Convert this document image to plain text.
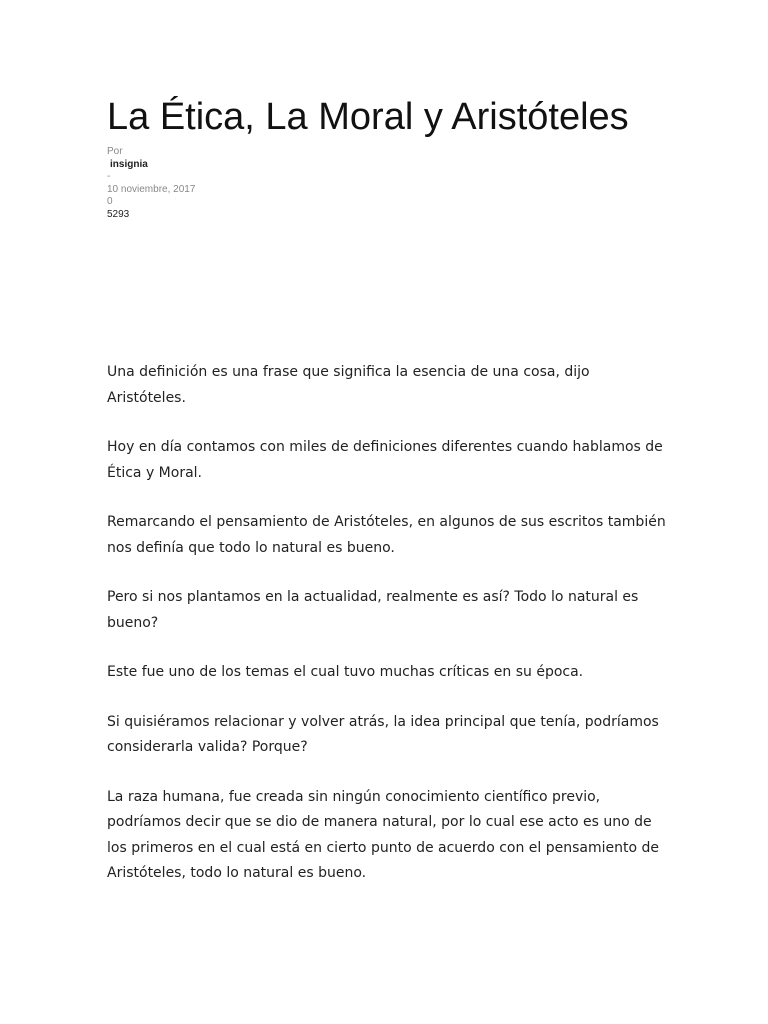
La Ética, La Moral y Aristóteles
Por
insignia
-
10 noviembre, 2017
0
5293

Una definición es una frase que significa la esencia de una cosa, dijo Aristóteles.

Hoy en día contamos con miles de definiciones diferentes cuando hablamos de Ética y Moral.

Remarcando el pensamiento de Aristóteles, en algunos de sus escritos también nos definía que todo lo natural es bueno.

Pero si nos plantamos en la actualidad, realmente es así? Todo lo natural es bueno?

Este fue uno de los temas el cual tuvo muchas críticas en su época.

Si quisiéramos relacionar y volver atrás, la idea principal que tenía, podríamos considerarla valida? Porque?

La raza humana, fue creada sin ningún conocimiento científico previo, podríamos decir que se dio de manera natural, por lo cual ese acto es uno de los primeros en el cual está en cierto punto de acuerdo con el pensamiento de Aristóteles, todo lo natural es bueno.
